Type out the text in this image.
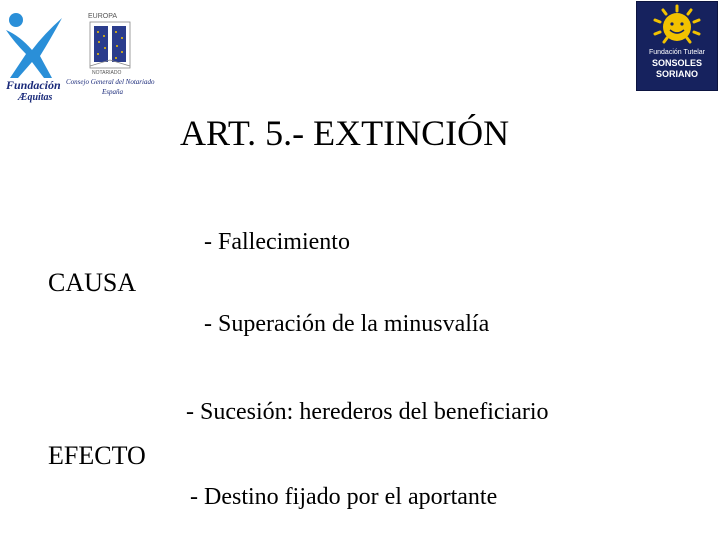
Fundación
Æquitas
EUROPA
NOTARIADO
Consejo General del Notariado
España
Fundación Tutelar
SONSOLES
SORIANO
ART. 5.- EXTINCIÓN
- Fallecimiento
CAUSA
- Superación de la minusvalía
- Sucesión: herederos del beneficiario
EFECTO
- Destino fijado por el aportante
